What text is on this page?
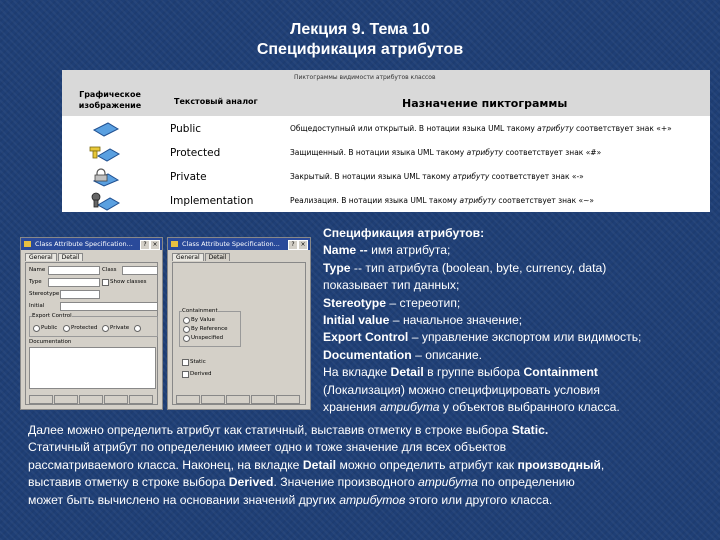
Лекция 9. Тема 10
Спецификация атрибутов
Пиктограммы видимости атрибутов классов
Графическое изображение	Текстовый аналог	Назначение пиктограммы
Public	Общедоступный или открытый. В нотации языка UML такому атрибуту соответствует знак «+»
Protected	Защищенный. В нотации языка UML такому атрибуту соответствует знак «#»
Private	Закрытый. В нотации языка UML такому атрибуту соответствует знак «-»
Implementation	Реализация. В нотации языка UML такому атрибуту соответствует знак «~»
Class Attribute Specification...	? ×
General Detail
Name	Class
Type	Show classes
Stereotype
Initial
Export Control
Public Protected Private
Documentation
Class Attribute Specification...	? ×
General Detail
Containment
By Value
By Reference
Unspecified
Static
Derived
Спецификация атрибутов:
Name -- имя атрибута;
Type -- тип атрибута (boolean, byte, currency, data)
показывает тип данных;
Stereotype – стереотип;
Initial value – начальное значение;
Export Control – управление экспортом или видимость;
Documentation – описание.
На вкладке Detail в группе выбора Containment
(Локализация) можно специфицировать условия
хранения атрибута у объектов выбранного класса.
Далее можно определить атрибут как статичный, выставив отметку в строке выбора Static.
Статичный атрибут по определению имеет одно и тоже значение для всех объектов
рассматриваемого класса. Наконец, на вкладке Detail можно определить атрибут как производный,
выставив отметку в строке выбора Derived. Значение производного атрибута по определению
может быть вычислено на основании значений других атрибутов этого или другого класса.
